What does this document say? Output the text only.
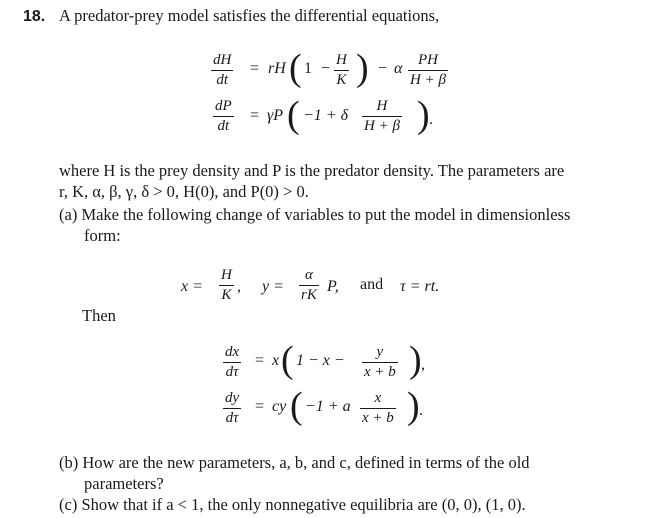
18. A predator-prey model satisfies the differential equations,
dH
dt
= rH ( 1 − H
K ) − α PH
H + β
dP
dt
= γP ( −1 + δ
H
H + β ) .
where H is the prey density and P is the predator density. The parameters are
r, K, α, β, γ, δ > 0, H(0), and P(0) > 0.
(a) Make the following change of variables to put the model in dimensionless
form:
x =
H
K , y =
α
rK P, and τ = rt.
Then
dx
dτ
= x ( 1 − x − y
x + b ) ,
dy
dτ
= cy ( −1 + a x
x + b ) .
(b) How are the new parameters, a, b, and c, defined in terms of the old
parameters?
(c) Show that if a < 1, the only nonnegative equilibria are (0, 0), (1, 0).
